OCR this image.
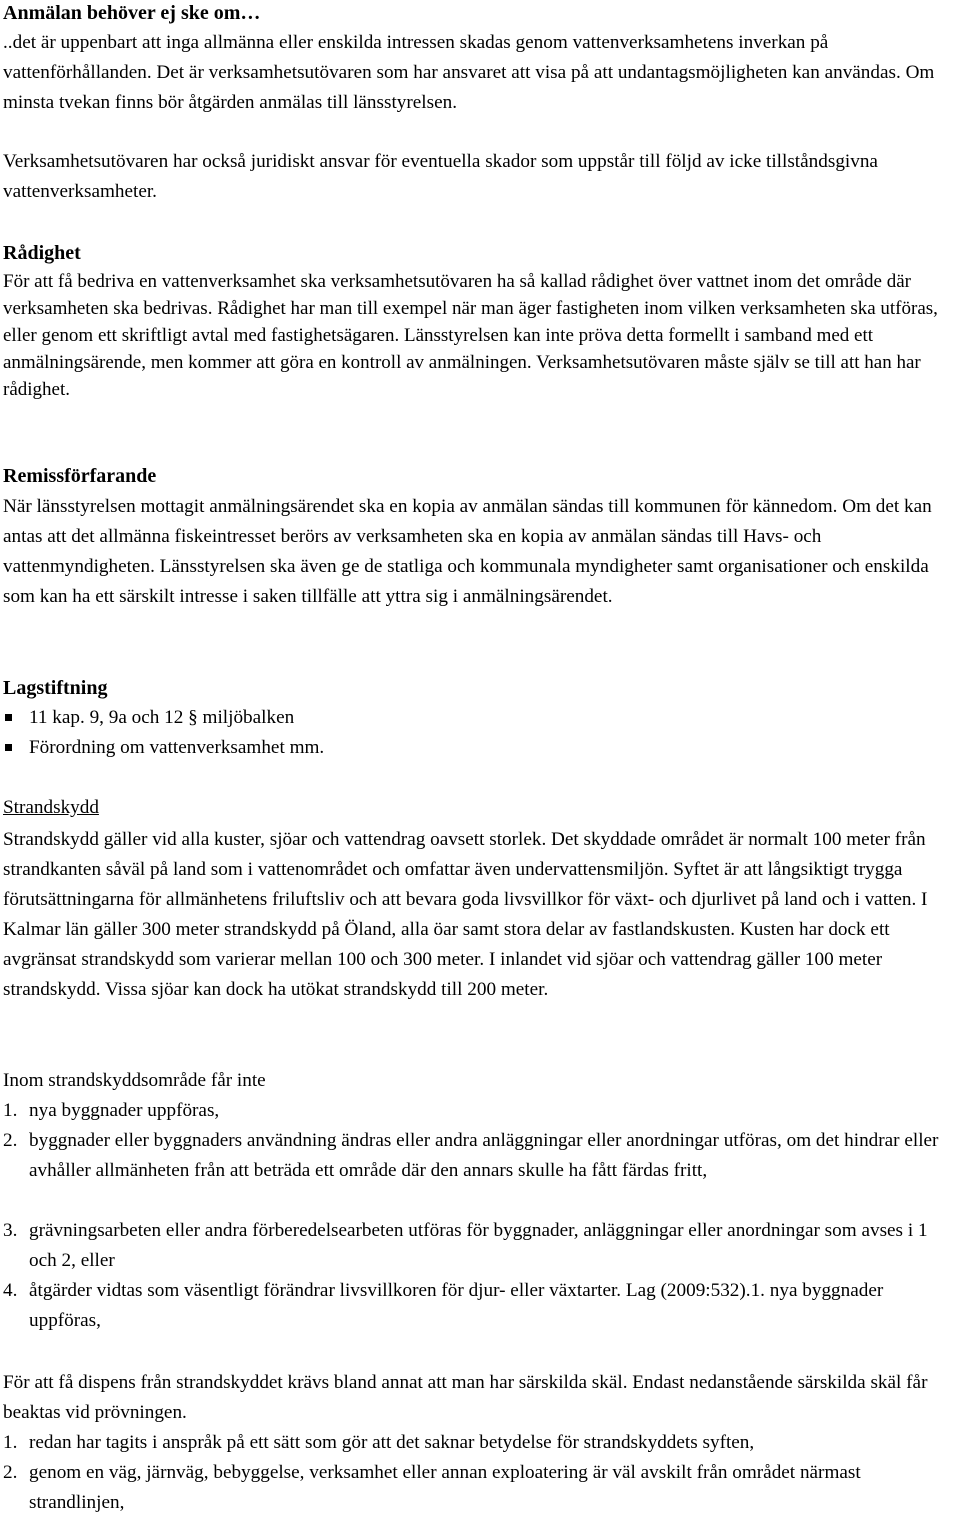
Anmälan behöver ej ske om…
..det är uppenbart att inga allmänna eller enskilda intressen skadas genom vattenverksamhetens inverkan på vattenförhållanden. Det är verksamhetsutövaren som har ansvaret att visa på att undantagsmöjligheten kan användas. Om minsta tvekan finns bör åtgärden anmälas till länsstyrelsen.
Verksamhetsutövaren har också juridiskt ansvar för eventuella skador som uppstår till följd av icke tillståndsgivna vattenverksamheter.
Rådighet
För att få bedriva en vattenverksamhet ska verksamhetsutövaren ha så kallad rådighet över vattnet inom det område där verksamheten ska bedrivas. Rådighet har man till exempel när man äger fastigheten inom vilken verksamheten ska utföras, eller genom ett skriftligt avtal med fastighetsägaren. Länsstyrelsen kan inte pröva detta formellt i samband med ett anmälningsärende, men kommer att göra en kontroll av anmälningen. Verksamhetsutövaren måste själv se till att han har rådighet.
Remissförfarande
När länsstyrelsen mottagit anmälningsärendet ska en kopia av anmälan sändas till kommunen för kännedom. Om det kan antas att det allmänna fiskeintresset berörs av verksamheten ska en kopia av anmälan sändas till Havs- och vattenmyndigheten. Länsstyrelsen ska även ge de statliga och kommunala myndigheter samt organisationer och enskilda som kan ha ett särskilt intresse i saken tillfälle att yttra sig i anmälningsärendet.
Lagstiftning
11 kap. 9, 9a och 12 § miljöbalken
Förordning om vattenverksamhet mm.
Strandskydd
Strandskydd gäller vid alla kuster, sjöar och vattendrag oavsett storlek. Det skyddade området är normalt 100 meter från strandkanten såväl på land som i vattenområdet och omfattar även undervattensmiljön. Syftet är att långsiktigt trygga förutsättningarna för allmänhetens friluftsliv och att bevara goda livsvillkor för växt- och djurlivet på land och i vatten. I Kalmar län gäller 300 meter strandskydd på Öland, alla öar samt stora delar av fastlandskusten. Kusten har dock ett avgränsat strandskydd som varierar mellan 100 och 300 meter. I inlandet vid sjöar och vattendrag gäller 100 meter strandskydd. Vissa sjöar kan dock ha utökat strandskydd till 200 meter.
Inom strandskyddsområde får inte
1. nya byggnader uppföras,
2. byggnader eller byggnaders användning ändras eller andra anläggningar eller anordningar utföras, om det hindrar eller avhåller allmänheten från att beträda ett område där den annars skulle ha fått färdas fritt,
3. grävningsarbeten eller andra förberedelsearbeten utföras för byggnader, anläggningar eller anordningar som avses i 1 och 2, eller
4. åtgärder vidtas som väsentligt förändrar livsvillkoren för djur- eller växtarter. Lag (2009:532).1. nya byggnader uppföras,
För att få dispens från strandskyddet krävs bland annat att man har särskilda skäl. Endast nedanstående särskilda skäl får beaktas vid prövningen.
1. redan har tagits i anspråk på ett sätt som gör att det saknar betydelse för strandskyddets syften,
2. genom en väg, järnväg, bebyggelse, verksamhet eller annan exploatering är väl avskilt från området närmast strandlinjen,
